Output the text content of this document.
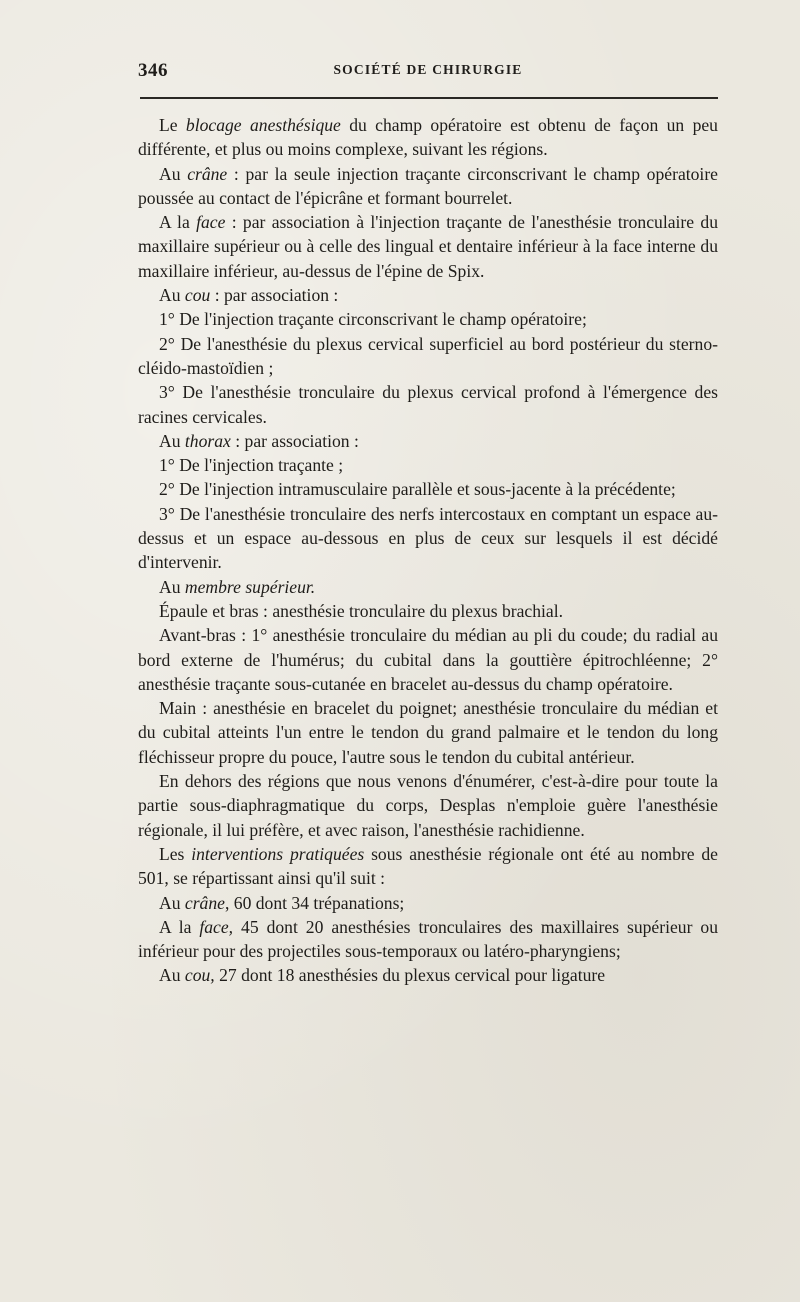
346	SOCIÉTÉ DE CHIRURGIE

Le blocage anesthésique du champ opératoire est obtenu de façon un peu différente, et plus ou moins complexe, suivant les régions.

Au crâne : par la seule injection traçante circonscrivant le champ opératoire poussée au contact de l'épicrâne et formant bourrelet.

A la face : par association à l'injection traçante de l'anesthésie tronculaire du maxillaire supérieur ou à celle des lingual et dentaire inférieur à la face interne du maxillaire inférieur, au-dessus de l'épine de Spix.

Au cou : par association :

1° De l'injection traçante circonscrivant le champ opératoire;

2° De l'anesthésie du plexus cervical superficiel au bord postérieur du sterno-cléido-mastoïdien ;

3° De l'anesthésie tronculaire du plexus cervical profond à l'émergence des racines cervicales.

Au thorax : par association :

1° De l'injection traçante ;

2° De l'injection intramusculaire parallèle et sous-jacente à la précédente;

3° De l'anesthésie tronculaire des nerfs intercostaux en comptant un espace au-dessus et un espace au-dessous en plus de ceux sur lesquels il est décidé d'intervenir.

Au membre supérieur.

Épaule et bras : anesthésie tronculaire du plexus brachial.

Avant-bras : 1° anesthésie tronculaire du médian au pli du coude; du radial au bord externe de l'humérus; du cubital dans la gouttière épitrochléenne; 2° anesthésie traçante sous-cutanée en bracelet au-dessus du champ opératoire.

Main : anesthésie en bracelet du poignet; anesthésie tronculaire du médian et du cubital atteints l'un entre le tendon du grand palmaire et le tendon du long fléchisseur propre du pouce, l'autre sous le tendon du cubital antérieur.

En dehors des régions que nous venons d'énumérer, c'est-à-dire pour toute la partie sous-diaphragmatique du corps, Desplas n'emploie guère l'anesthésie régionale, il lui préfère, et avec raison, l'anesthésie rachidienne.

Les interventions pratiquées sous anesthésie régionale ont été au nombre de 501, se répartissant ainsi qu'il suit :

Au crâne, 60 dont 34 trépanations;

A la face, 45 dont 20 anesthésies tronculaires des maxillaires supérieur ou inférieur pour des projectiles sous-temporaux ou latéro-pharyngiens;

Au cou, 27 dont 18 anesthésies du plexus cervical pour ligature
